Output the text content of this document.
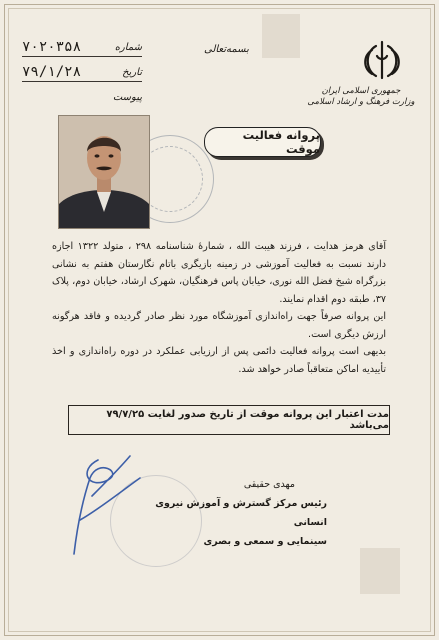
شماره
۷۰۲۰۳۵۸
تاریخ
۷۹/۱/۲۸
پیوست
بسمه‌تعالی
جمهوری اسلامی ایران
وزارت فرهنگ و ارشاد اسلامی
پروانه فعالیت موقت

آقای هرمز هدایت ، فرزند هیبت الله ، شمارهٔ شناسنامه ۲۹۸ ، متولد ۱۳۲۲ اجازه دارند نسبت به فعالیت آموزشی در زمینه بازیگری باتام نگارستان هفتم به نشانی بزرگراه شیخ فضل الله نوری، خیابان پاس فرهنگیان، شهرک ارشاد، خیابان دوم، پلاک ۳۷، طبقه دوم اقدام نمایند.

این پروانه صرفاً جهت راه‌اندازی آموزشگاه مورد نظر صادر گردیده و فاقد هرگونه ارزش دیگری است.

بدیهی است پروانه فعالیت دائمی پس از ارزیابی عملکرد در دوره راه‌اندازی و اخذ تأییدیه اماکن متعاقباً صادر خواهد شد.

مدت اعتبار این پروانه موقت از تاریخ صدور لغایت ۷۹/۷/۲۵ می‌باشد
مهدی حقیقی
رئیس مرکز گسترش و آموزش نیروی انسانی
سینمایی و سمعی و بصری
